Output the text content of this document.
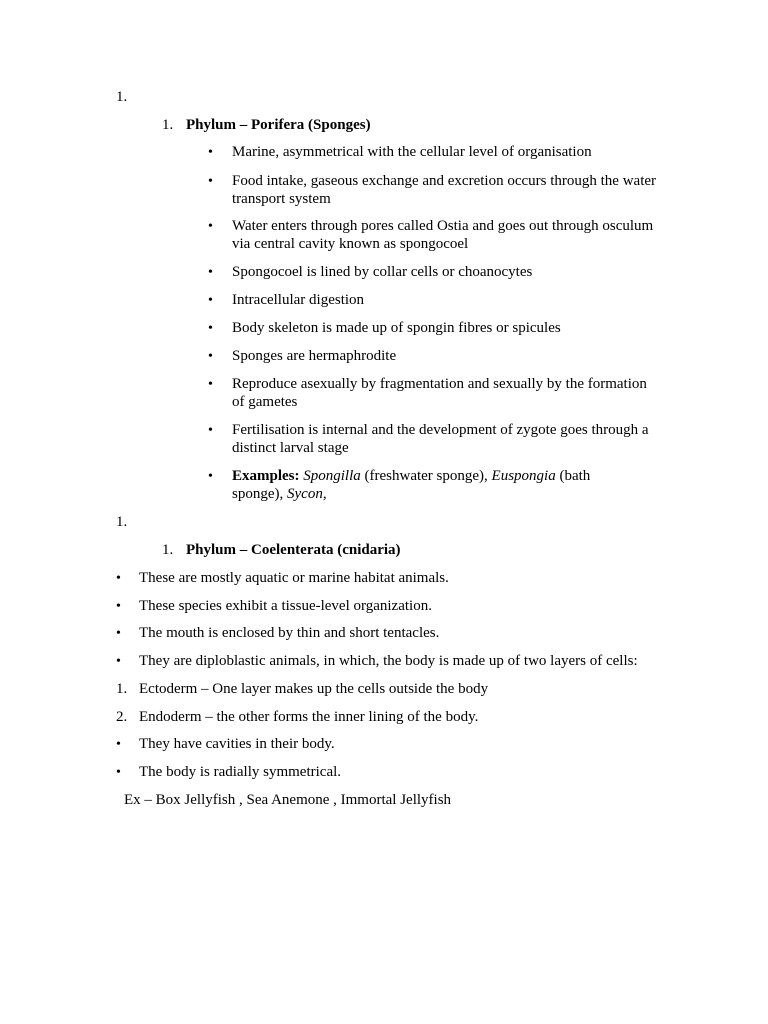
1.
1. Phylum – Porifera (Sponges)
• Marine, asymmetrical with the cellular level of organisation
• Food intake, gaseous exchange and excretion occurs through the water
transport system
• Water enters through pores called Ostia and goes out through osculum
via central cavity known as spongocoel
• Spongocoel is lined by collar cells or choanocytes
• Intracellular digestion
• Body skeleton is made up of spongin fibres or spicules
• Sponges are hermaphrodite
• Reproduce asexually by fragmentation and sexually by the formation
of gametes
• Fertilisation is internal and the development of zygote goes through a
distinct larval stage
• Examples: Spongilla (freshwater sponge), Euspongia (bath
sponge), Sycon,
1.
1. Phylum – Coelenterata (cnidaria)
• These are mostly aquatic or marine habitat animals.
• These species exhibit a tissue-level organization.
• The mouth is enclosed by thin and short tentacles.
• They are diploblastic animals, in which, the body is made up of two layers of cells:
1. Ectoderm – One layer makes up the cells outside the body
2. Endoderm – the other forms the inner lining of the body.
• They have cavities in their body.
• The body is radially symmetrical.
Ex – Box Jellyfish , Sea Anemone , Immortal Jellyfish
